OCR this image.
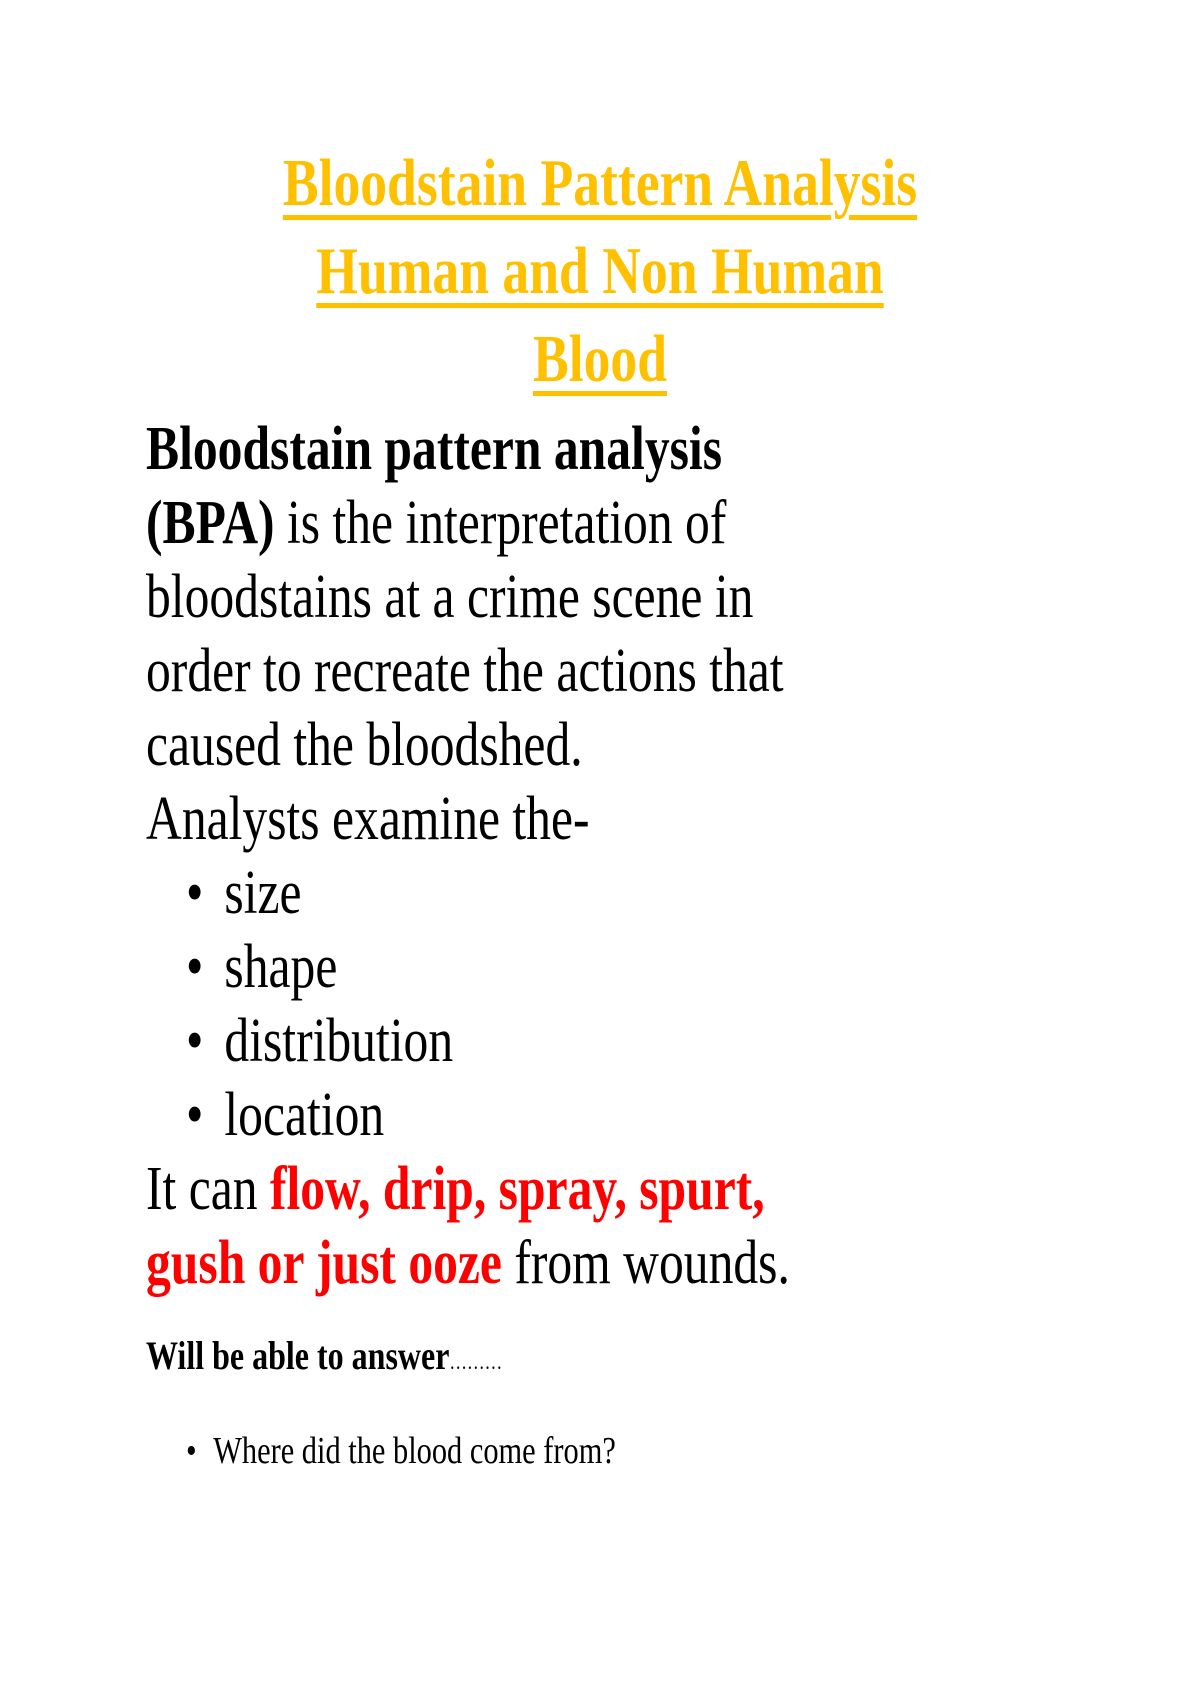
Bloodstain Pattern Analysis
Human and Non Human
Blood
Bloodstain pattern analysis
(BPA) is the interpretation of
bloodstains at a crime scene in
order to recreate the actions that
caused the bloodshed.
Analysts examine the-
• size
• shape
• distribution
• location
It can flow, drip, spray, spurt,
gush or just ooze from wounds.
Will be able to answer………
• Where did the blood come from?
